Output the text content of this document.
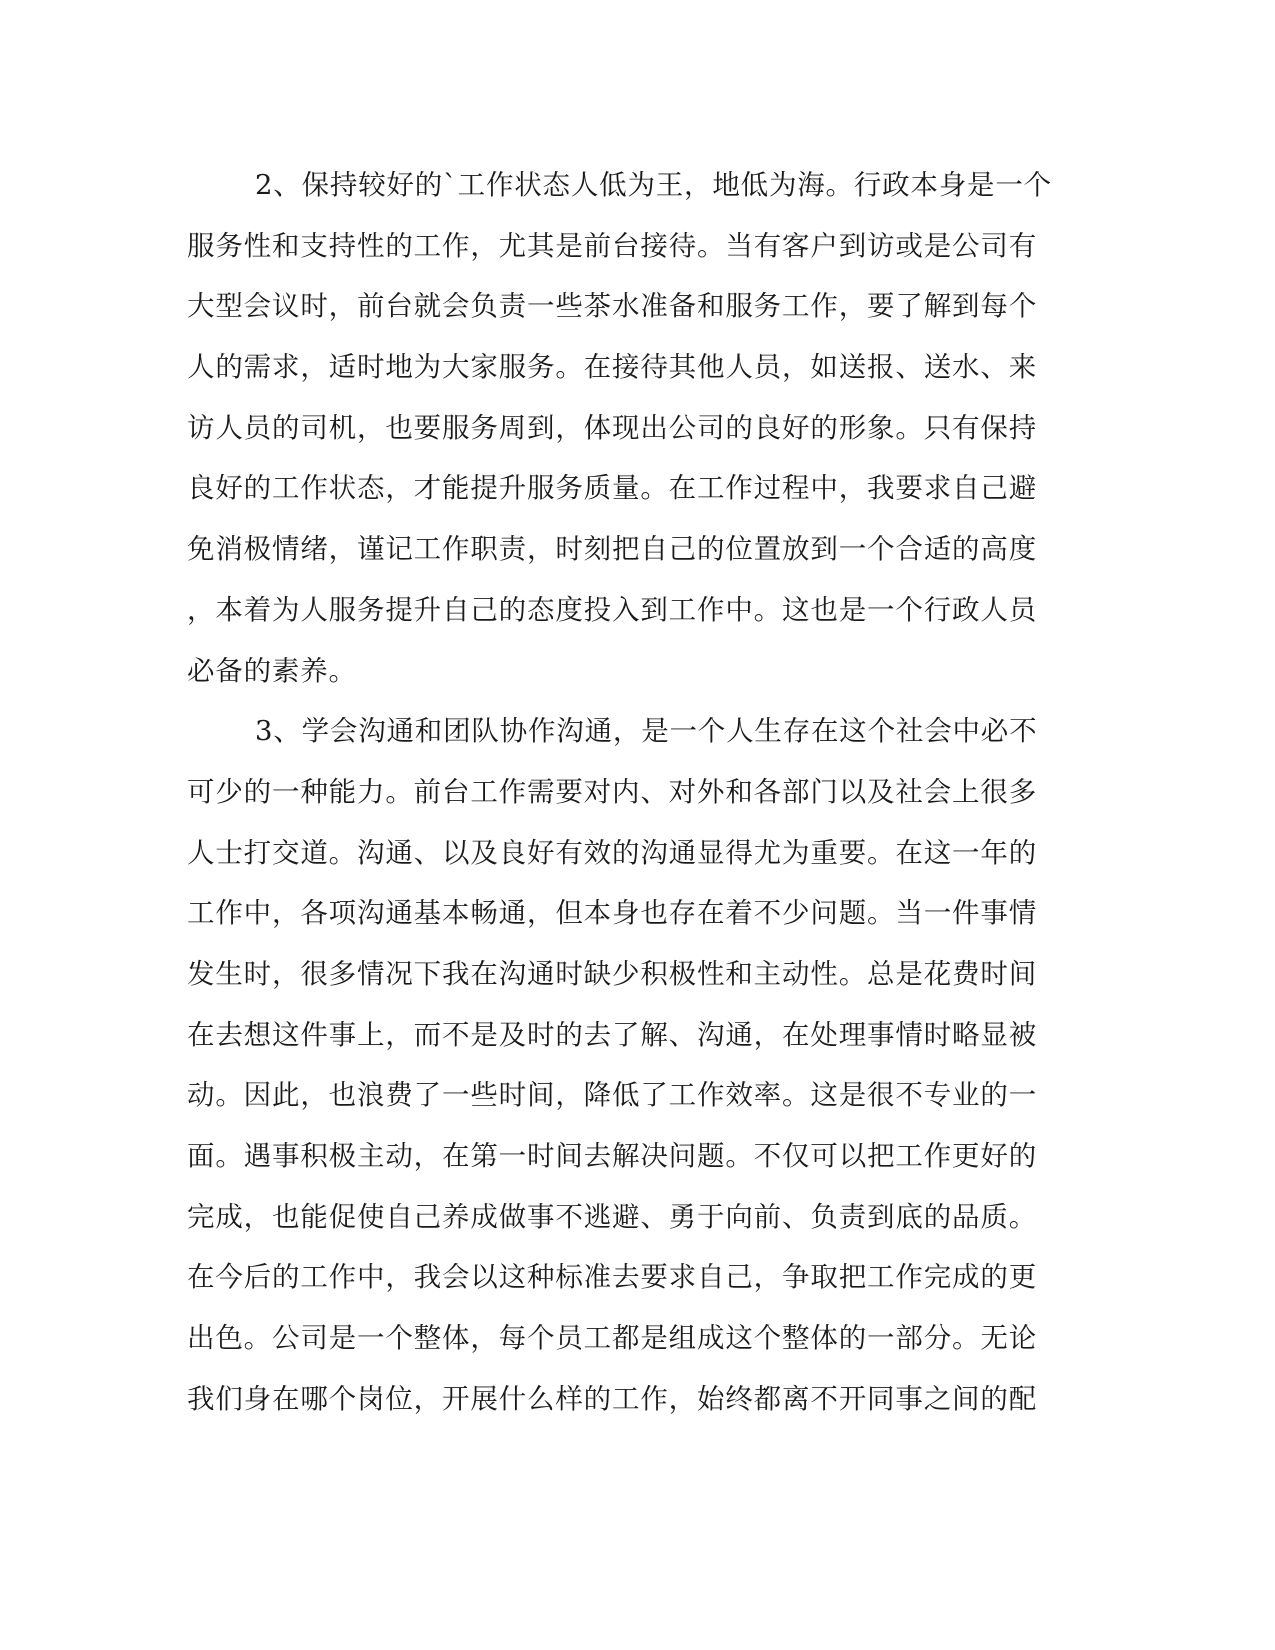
2、保持较好的`工作状态人低为王，地低为海。行政本身是一个
服务性和支持性的工作，尤其是前台接待。当有客户到访或是公司有
大型会议时，前台就会负责一些茶水准备和服务工作，要了解到每个
人的需求，适时地为大家服务。在接待其他人员，如送报、送水、来
访人员的司机，也要服务周到，体现出公司的良好的形象。只有保持
良好的工作状态，才能提升服务质量。在工作过程中，我要求自己避
免消极情绪，谨记工作职责，时刻把自己的位置放到一个合适的高度
，本着为人服务提升自己的态度投入到工作中。这也是一个行政人员
必备的素养。
3、学会沟通和团队协作沟通，是一个人生存在这个社会中必不
可少的一种能力。前台工作需要对内、对外和各部门以及社会上很多
人士打交道。沟通、以及良好有效的沟通显得尤为重要。在这一年的
工作中，各项沟通基本畅通，但本身也存在着不少问题。当一件事情
发生时，很多情况下我在沟通时缺少积极性和主动性。总是花费时间
在去想这件事上，而不是及时的去了解、沟通，在处理事情时略显被
动。因此，也浪费了一些时间，降低了工作效率。这是很不专业的一
面。遇事积极主动，在第一时间去解决问题。不仅可以把工作更好的
完成，也能促使自己养成做事不逃避、勇于向前、负责到底的品质。
在今后的工作中，我会以这种标准去要求自己，争取把工作完成的更
出色。公司是一个整体，每个员工都是组成这个整体的一部分。无论
我们身在哪个岗位，开展什么样的工作，始终都离不开同事之间的配
